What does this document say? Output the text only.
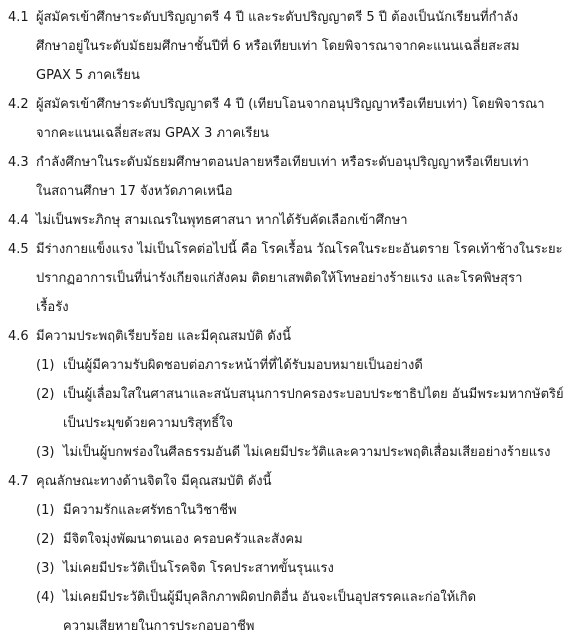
4.1 ผู้สมัครเข้าศึกษาระดับปริญญาตรี 4 ปี และระดับปริญญาตรี 5 ปี ต้องเป็นนักเรียนที่กำลัง
ศึกษาอยู่ในระดับมัธยมศึกษาชั้นปีที่ 6 หรือเทียบเท่า โดยพิจารณาจากคะแนนเฉลี่ยสะสม
GPAX 5 ภาคเรียน
4.2 ผู้สมัครเข้าศึกษาระดับปริญญาตรี 4 ปี (เทียบโอนจากอนุปริญญาหรือเทียบเท่า) โดยพิจารณา
จากคะแนนเฉลี่ยสะสม GPAX 3 ภาคเรียน
4.3 กำลังศึกษาในระดับมัธยมศึกษาตอนปลายหรือเทียบเท่า หรือระดับอนุปริญญาหรือเทียบเท่า
ในสถานศึกษา 17 จังหวัดภาคเหนือ
4.4 ไม่เป็นพระภิกษุ สามเณรในพุทธศาสนา หากได้รับคัดเลือกเข้าศึกษา
4.5 มีร่างกายแข็งแรง ไม่เป็นโรคต่อไปนี้ คือ โรคเรื้อน วัณโรคในระยะอันตราย โรคเท้าช้างในระยะ
ปรากฏอาการเป็นที่น่ารังเกียจแก่สังคม ติดยาเสพติดให้โทษอย่างร้ายแรง และโรคพิษสุรา
เรื้อรัง
4.6 มีความประพฤติเรียบร้อย และมีคุณสมบัติ ดังนี้
(1) เป็นผู้มีความรับผิดชอบต่อภาระหน้าที่ที่ได้รับมอบหมายเป็นอย่างดี
(2) เป็นผู้เลื่อมใสในศาสนาและสนับสนุนการปกครองระบอบประชาธิปไตย อันมีพระมหากษัตริย์
เป็นประมุขด้วยความบริสุทธิ์ใจ
(3) ไม่เป็นผู้บกพร่องในศีลธรรมอันดี ไม่เคยมีประวัติและความประพฤติเสื่อมเสียอย่างร้ายแรง
4.7 คุณลักษณะทางด้านจิตใจ มีคุณสมบัติ ดังนี้
(1) มีความรักและศรัทธาในวิชาชีพ
(2) มีจิตใจมุ่งพัฒนาตนเอง ครอบครัวและสังคม
(3) ไม่เคยมีประวัติเป็นโรคจิต โรคประสาทขั้นรุนแรง
(4) ไม่เคยมีประวัติเป็นผู้มีบุคลิกภาพผิดปกติอื่น อันจะเป็นอุปสรรคและก่อให้เกิด
ความเสียหายในการประกอบอาชีพ
